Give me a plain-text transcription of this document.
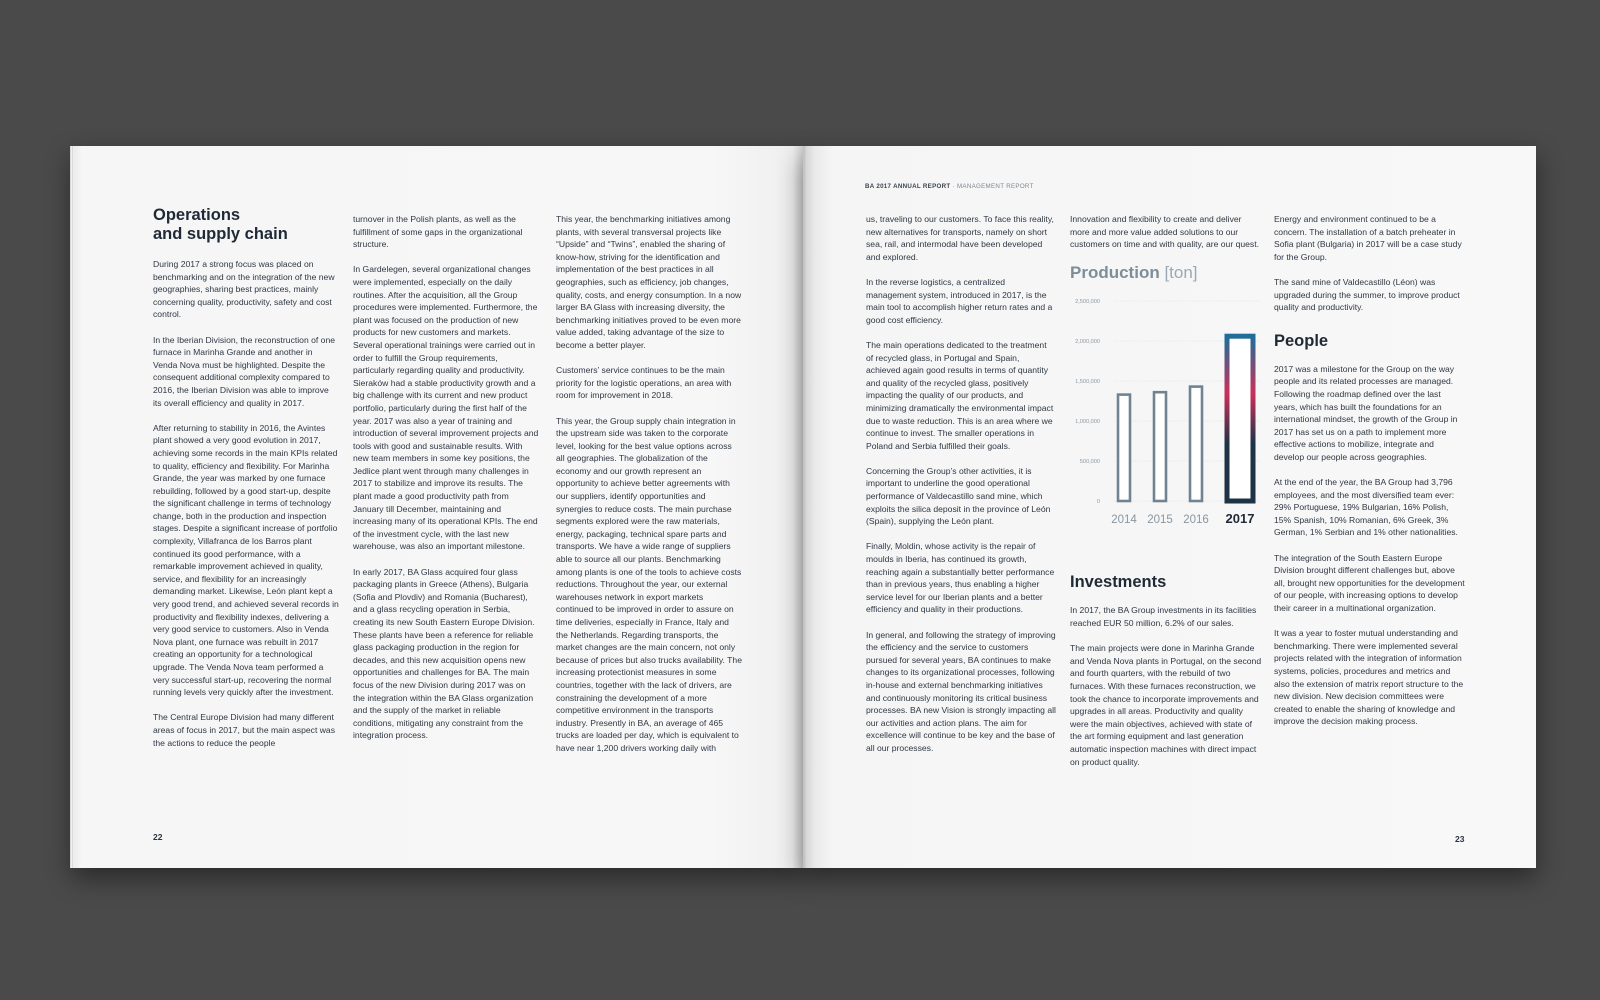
Operations
and supply chain

During 2017 a strong focus was placed on benchmarking and on the integration of the new geographies, sharing best practices, mainly concerning quality, productivity, safety and cost control.

In the Iberian Division, the reconstruction of one furnace in Marinha Grande and another in Venda Nova must be highlighted. Despite the consequent additional complexity compared to 2016, the Iberian Division was able to improve its overall efficiency and quality in 2017.

After returning to stability in 2016, the Avintes plant showed a very good evolution in 2017, achieving some records in the main KPIs related to quality, efficiency and flexibility. For Marinha Grande, the year was marked by one furnace rebuilding, followed by a good start-up, despite the significant challenge in terms of technology change, both in the production and inspection stages. Despite a significant increase of portfolio complexity, Villafranca de los Barros plant continued its good performance, with a remarkable improvement achieved in quality, service, and flexibility for an increasingly demanding market. Likewise, León plant kept a very good trend, and achieved several records in productivity and flexibility indexes, delivering a very good service to customers. Also in Venda Nova plant, one furnace was rebuilt in 2017 creating an opportunity for a technological upgrade. The Venda Nova team performed a very successful start-up, recovering the normal running levels very quickly after the investment.

The Central Europe Division had many different areas of focus in 2017, but the main aspect was the actions to reduce the people

turnover in the Polish plants, as well as the fulfillment of some gaps in the organizational structure.

In Gardelegen, several organizational changes were implemented, especially on the daily routines. After the acquisition, all the Group procedures were implemented. Furthermore, the plant was focused on the production of new products for new customers and markets. Several operational trainings were carried out in order to fulfill the Group requirements, particularly regarding quality and productivity. Sieraków had a stable productivity growth and a big challenge with its current and new product portfolio, particularly during the first half of the year. 2017 was also a year of training and introduction of several improvement projects and tools with good and sustainable results. With new team members in some key positions, the Jedlice plant went through many challenges in 2017 to stabilize and improve its results. The plant made a good productivity path from January till December, maintaining and increasing many of its operational KPIs. The end of the investment cycle, with the last new warehouse, was also an important milestone.

In early 2017, BA Glass acquired four glass packaging plants in Greece (Athens), Bulgaria (Sofia and Plovdiv) and Romania (Bucharest), and a glass recycling operation in Serbia, creating its new South Eastern Europe Division. These plants have been a reference for reliable glass packaging production in the region for decades, and this new acquisition opens new opportunities and challenges for BA. The main focus of the new Division during 2017 was on the integration within the BA Glass organization and the supply of the market in reliable conditions, mitigating any constraint from the integration process.

This year, the benchmarking initiatives among plants, with several transversal projects like “Upside” and “Twins”, enabled the sharing of know-how, striving for the identification and implementation of the best practices in all geographies, such as efficiency, job changes, quality, costs, and energy consumption. In a now larger BA Glass with increasing diversity, the benchmarking initiatives proved to be even more value added, taking advantage of the size to become a better player.

Customers’ service continues to be the main priority for the logistic operations, an area with room for improvement in 2018.

This year, the Group supply chain integration in the upstream side was taken to the corporate level, looking for the best value options across all geographies. The globalization of the economy and our growth represent an opportunity to achieve better agreements with our suppliers, identify opportunities and synergies to reduce costs. The main purchase segments explored were the raw materials, energy, packaging, technical spare parts and transports. We have a wide range of suppliers able to source all our plants. Benchmarking among plants is one of the tools to achieve costs reductions. Throughout the year, our external warehouses network in export markets continued to be improved in order to assure on time deliveries, especially in France, Italy and the Netherlands. Regarding transports, the market changes are the main concern, not only because of prices but also trucks availability. The increasing protectionist measures in some countries, together with the lack of drivers, are constraining the development of a more competitive environment in the transports industry. Presently in BA, an average of 465 trucks are loaded per day, which is equivalent to have near 1,200 drivers working daily with

22
BA 2017 ANNUAL REPORT · MANAGEMENT REPORT

us, traveling to our customers. To face this reality, new alternatives for transports, namely on short sea, rail, and intermodal have been developed and explored.

In the reverse logistics, a centralized management system, introduced in 2017, is the main tool to accomplish higher return rates and a good cost efficiency.

The main operations dedicated to the treatment of recycled glass, in Portugal and Spain, achieved again good results in terms of quantity and quality of the recycled glass, positively impacting the quality of our products, and minimizing dramatically the environmental impact due to waste reduction. This is an area where we continue to invest. The smaller operations in Poland and Serbia fulfilled their goals.

Concerning the Group’s other activities, it is important to underline the good operational performance of Valdecastillo sand mine, which exploits the silica deposit in the province of León (Spain), supplying the León plant.

Finally, Moldin, whose activity is the repair of moulds in Iberia, has continued its growth, reaching again a substantially better performance than in previous years, thus enabling a higher service level for our Iberian plants and a better efficiency and quality in their productions.

In general, and following the strategy of improving the efficiency and the service to customers pursued for several years, BA continues to make changes to its organizational processes, following in-house and external benchmarking initiatives and continuously monitoring its critical business processes. BA new Vision is strongly impacting all our activities and action plans. The aim for excellence will continue to be key and the base of all our processes.

Innovation and flexibility to create and deliver more and more value added solutions to our customers on time and with quality, are our quest.

Production [ton]
0
500,000
1,000,000
1,500,000
2,000,000
2,500,000
2014 2015 2016 2017
Investments

In 2017, the BA Group investments in its facilities reached EUR 50 million, 6.2% of our sales.

The main projects were done in Marinha Grande and Venda Nova plants in Portugal, on the second and fourth quarters, with the rebuild of two furnaces. With these furnaces reconstruction, we took the chance to incorporate improvements and upgrades in all areas. Productivity and quality were the main objectives, achieved with state of the art forming equipment and last generation automatic inspection machines with direct impact on product quality.

Energy and environment continued to be a concern. The installation of a batch preheater in Sofia plant (Bulgaria) in 2017 will be a case study for the Group.

The sand mine of Valdecastillo (Léon) was upgraded during the summer, to improve product quality and productivity.

People

2017 was a milestone for the Group on the way people and its related processes are managed. Following the roadmap defined over the last years, which has built the foundations for an international mindset, the growth of the Group in 2017 has set us on a path to implement more effective actions to mobilize, integrate and develop our people across geographies.

At the end of the year, the BA Group had 3,796 employees, and the most diversified team ever: 29% Portuguese, 19% Bulgarian, 16% Polish, 15% Spanish, 10% Romanian, 6% Greek, 3% German, 1% Serbian and 1% other nationalities.

The integration of the South Eastern Europe Division brought different challenges but, above all, brought new opportunities for the development of our people, with increasing options to develop their career in a multinational organization.

It was a year to foster mutual understanding and benchmarking. There were implemented several projects related with the integration of information systems, policies, procedures and metrics and also the extension of matrix report structure to the new division. New decision committees were created to enable the sharing of knowledge and improve the decision making process.

23
